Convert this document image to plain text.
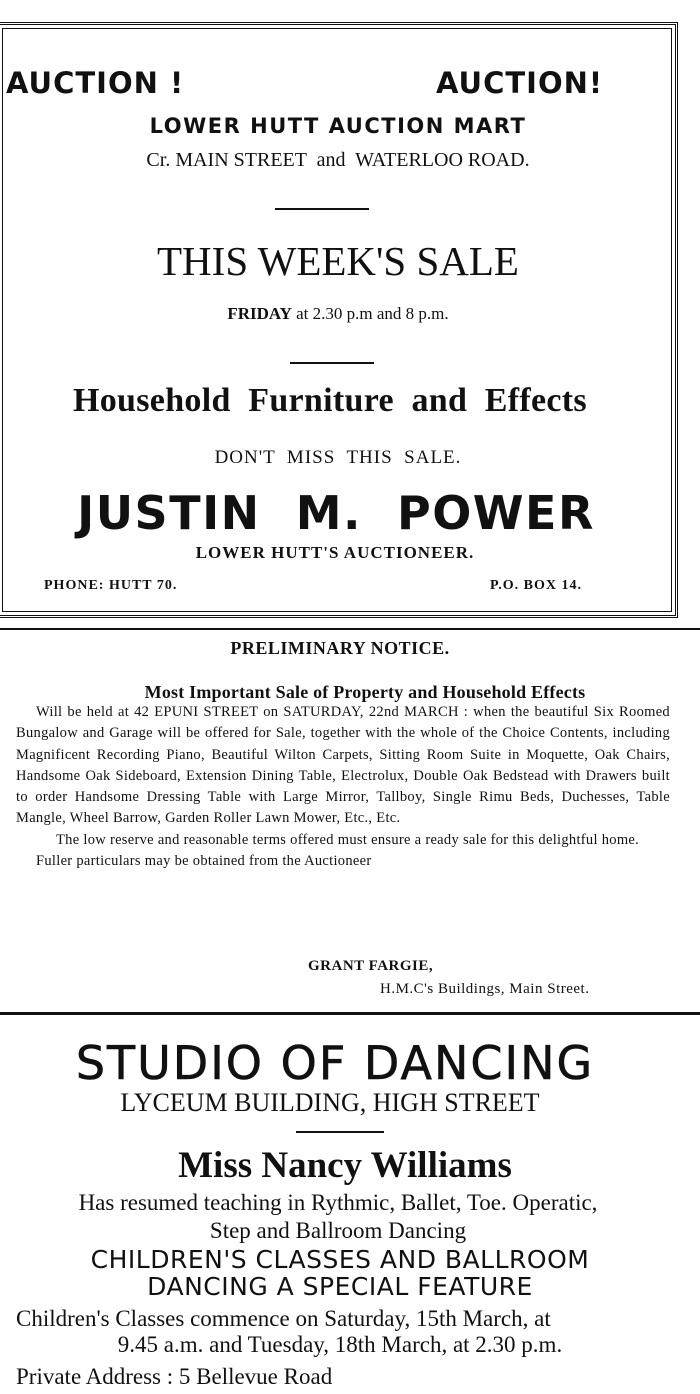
AUCTION !	AUCTION!
LOWER HUTT AUCTION MART
Cr. MAIN STREET  and  WATERLOO ROAD.
THIS WEEK'S SALE
FRIDAY at 2.30 p.m and 8 p.m.
Household  Furniture  and  Effects
DON'T  MISS  THIS  SALE.
JUSTIN  M.  POWER
LOWER HUTT'S AUCTIONEER.
PHONE: HUTT 70.	P.O. BOX 14.
PRELIMINARY NOTICE.
Most Important Sale of Property and Household Effects

Will be held at 42 EPUNI STREET on SATURDAY, 22nd MARCH : when the beautiful Six Roomed Bungalow and Garage will be offered for Sale, together with the whole of the Choice Contents, including Magnificent Recording Piano, Beautiful Wilton Carpets, Sitting Room Suite in Moquette, Oak Chairs, Handsome Oak Sideboard, Extension Dining Table, Electrolux, Double Oak Bedstead with Drawers built to order Handsome Dressing Table with Large Mirror, Tallboy, Single Rimu Beds, Duchesses, Table Mangle, Wheel Barrow, Garden Roller Lawn Mower, Etc., Etc.

The low reserve and reasonable terms offered must ensure a ready sale for this delightful home.

Fuller particulars may be obtained from the Auctioneer

GRANT FARGIE,
H.M.C's Buildings, Main Street.
STUDIO OF DANCING
LYCEUM BUILDING, HIGH STREET
Miss Nancy Williams
Has resumed teaching in Rythmic, Ballet, Toe. Operatic,
Step and Ballroom Dancing
CHILDREN'S CLASSES AND BALLROOM
DANCING A SPECIAL FEATURE
Children's Classes commence on Saturday, 15th March, at
9.45 a.m. and Tuesday, 18th March, at 2.30 p.m.
Private Address : 5 Bellevue Road
